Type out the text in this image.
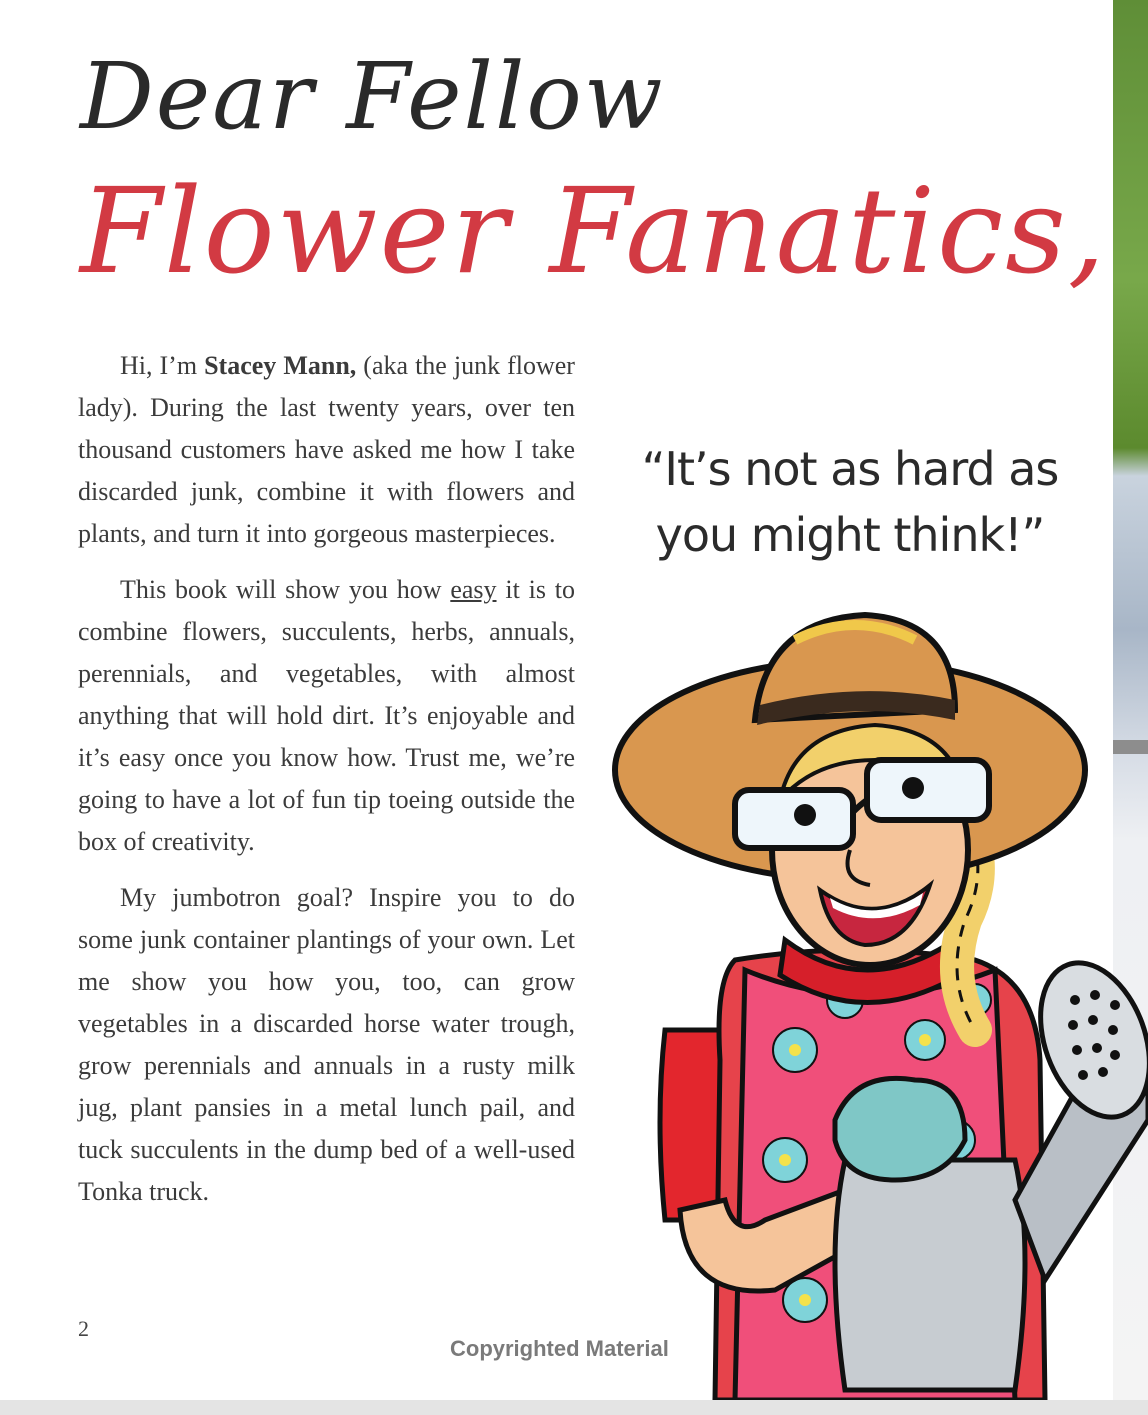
Dear Fellow
Flower Fanatics,

Hi, I’m Stacey Mann, (aka the junk flower lady). During the last twenty years, over ten thousand customers have asked me how I take discarded junk, combine it with flowers and plants, and turn it into gorgeous masterpieces.

This book will show you how easy it is to combine flowers, succulents, herbs, annuals, perennials, and vegetables, with almost anything that will hold dirt. It’s enjoyable and it’s easy once you know how. Trust me, we’re going to have a lot of fun tip toeing outside the box of creativity.

My jumbotron goal? Inspire you to do some junk container plantings of your own. Let me show you how you, too, can grow vegetables in a discarded horse water trough, grow perennials and annuals in a rusty milk jug, plant pansies in a metal lunch pail, and tuck succulents in the dump bed of a well-used Tonka truck.

“It’s not as hard as
you might think!”
2
Copyrighted Material
